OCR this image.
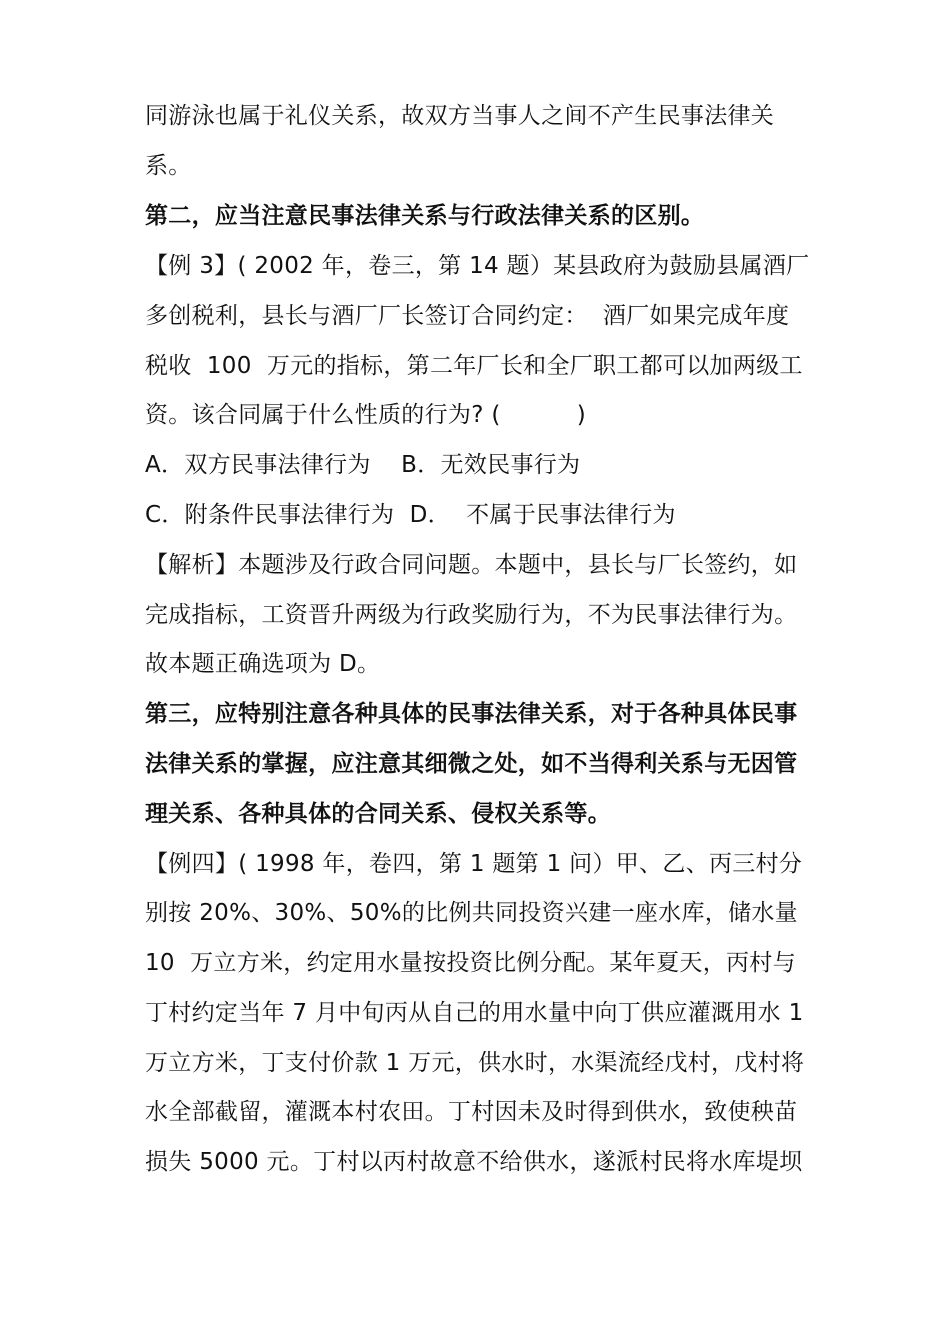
同游泳也属于礼仪关系，故双方当事人之间不产生民事法律关
系。
第二，应当注意民事法律关系与行政法律关系的区别。
【例 3】( 2002 年，卷三，第 14 题）某县政府为鼓励县属酒厂
多创税利，县长与酒厂厂长签订合同约定：  酒厂如果完成年度
税收  100  万元的指标，第二年厂长和全厂职工都可以加两级工
资。该合同属于什么性质的行为? (          )
A．双方民事法律行为    B．无效民事行为
C．附条件民事法律行为  D．  不属于民事法律行为
【解析】本题涉及行政合同问题。本题中，县长与厂长签约，如
完成指标，工资晋升两级为行政奖励行为，不为民事法律行为。
故本题正确选项为 D。
第三，应特别注意各种具体的民事法律关系，对于各种具体民事
法律关系的掌握，应注意其细微之处，如不当得利关系与无因管
理关系、各种具体的合同关系、侵权关系等。
【例四】( 1998 年，卷四，第 1 题第 1 问）甲、乙、丙三村分
别按 20%、30%、50%的比例共同投资兴建一座水库，储水量
10  万立方米，约定用水量按投资比例分配。某年夏天，丙村与
丁村约定当年 7 月中旬丙从自己的用水量中向丁供应灌溉用水 1
万立方米，丁支付价款 1 万元，供水时，水渠流经戊村，戊村将
水全部截留，灌溉本村农田。丁村因未及时得到供水，致使秧苗
损失 5000 元。丁村以丙村故意不给供水，遂派村民将水库堤坝
